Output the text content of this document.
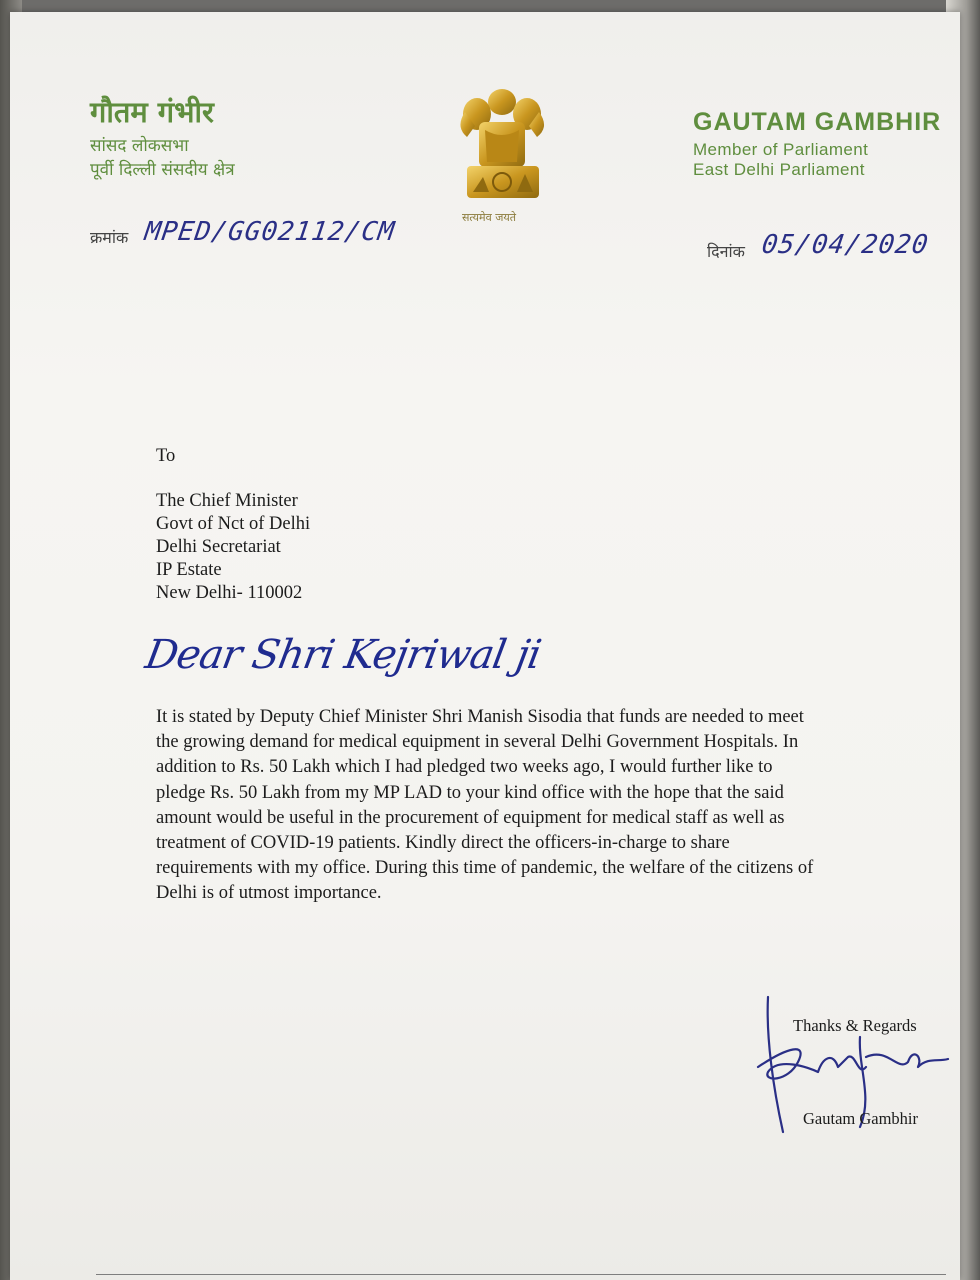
गौतम गंभीर
सांसद लोकसभा
पूर्वी दिल्ली संसदीय क्षेत्र
सत्यमेव जयते
GAUTAM GAMBHIR
Member of Parliament
East Delhi Parliament
क्रमांक MPED/GG02112/CM
दिनांक 05/04/2020
To
The Chief Minister
Govt of Nct of Delhi
Delhi Secretariat
IP Estate
New Delhi- 110002
Dear Shri Kejriwal ji
It is stated by Deputy Chief Minister Shri Manish Sisodia that funds are needed to meet
the growing demand for medical equipment in several Delhi Government Hospitals. In
addition to Rs. 50 Lakh which I had pledged two weeks ago, I would further like to
pledge Rs. 50 Lakh from my MP LAD to your kind office with the hope that the said
amount would be useful in the procurement of equipment for medical staff as well as
treatment of COVID-19 patients. Kindly direct the officers-in-charge to share
requirements with my office. During this time of pandemic, the welfare of the citizens of
Delhi is of utmost importance.
Thanks & Regards
Gautam Gambhir
